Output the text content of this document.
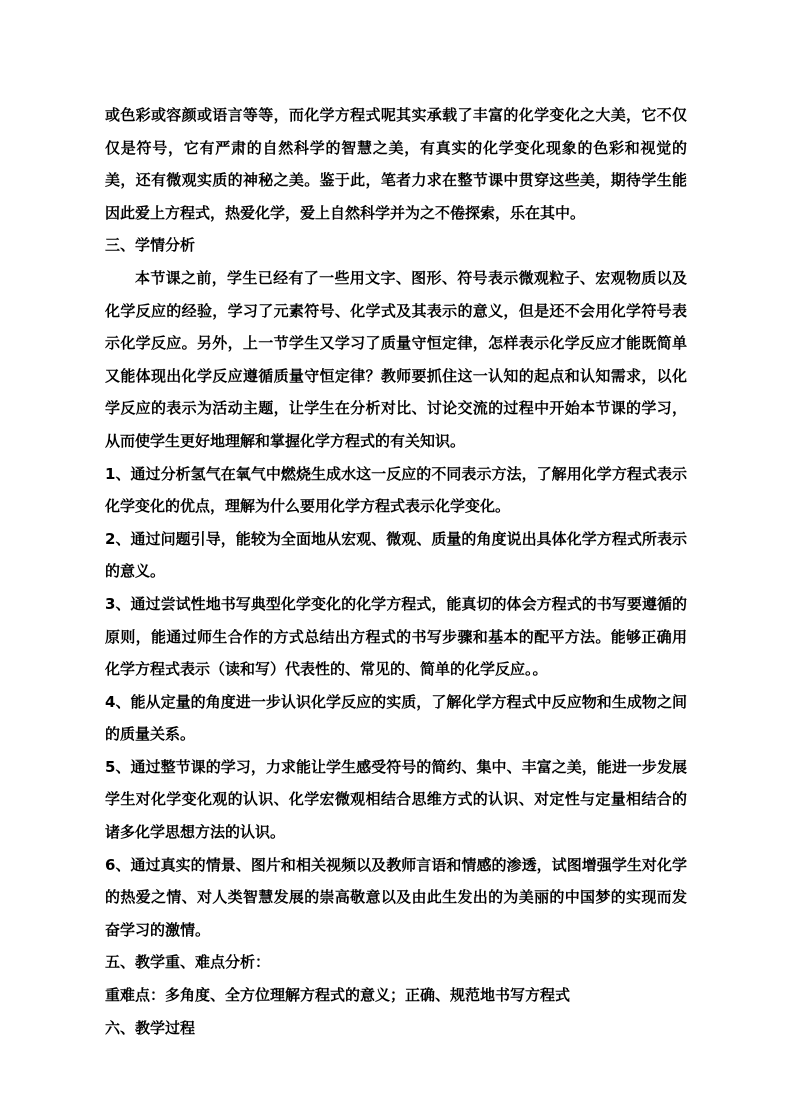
或色彩或容颜或语言等等，而化学方程式呢其实承载了丰富的化学变化之大美，它不仅仅是符号，它有严肃的自然科学的智慧之美，有真实的化学变化现象的色彩和视觉的美，还有微观实质的神秘之美。鉴于此，笔者力求在整节课中贯穿这些美，期待学生能因此爱上方程式，热爱化学，爱上自然科学并为之不倦探索，乐在其中。

三、学情分析

本节课之前，学生已经有了一些用文字、图形、符号表示微观粒子、宏观物质以及化学反应的经验，学习了元素符号、化学式及其表示的意义，但是还不会用化学符号表示化学反应。另外，上一节学生又学习了质量守恒定律，怎样表示化学反应才能既简单又能体现出化学反应遵循质量守恒定律？教师要抓住这一认知的起点和认知需求，以化学反应的表示为活动主题，让学生在分析对比、讨论交流的过程中开始本节课的学习，从而使学生更好地理解和掌握化学方程式的有关知识。

1、通过分析氢气在氧气中燃烧生成水这一反应的不同表示方法，了解用化学方程式表示化学变化的优点，理解为什么要用化学方程式表示化学变化。

2、通过问题引导，能较为全面地从宏观、微观、质量的角度说出具体化学方程式所表示的意义。

3、通过尝试性地书写典型化学变化的化学方程式，能真切的体会方程式的书写要遵循的原则，能通过师生合作的方式总结出方程式的书写步骤和基本的配平方法。能够正确用化学方程式表示（读和写）代表性的、常见的、简单的化学反应。。

4、能从定量的角度进一步认识化学反应的实质，了解化学方程式中反应物和生成物之间的质量关系。

5、通过整节课的学习，力求能让学生感受符号的简约、集中、丰富之美，能进一步发展学生对化学变化观的认识、化学宏微观相结合思维方式的认识、对定性与定量相结合的诸多化学思想方法的认识。

6、通过真实的情景、图片和相关视频以及教师言语和情感的渗透，试图增强学生对化学的热爱之情、对人类智慧发展的崇高敬意以及由此生发出的为美丽的中国梦的实现而发奋学习的激情。

五、教学重、难点分析：

重难点：多角度、全方位理解方程式的意义；正确、规范地书写方程式

六、教学过程
